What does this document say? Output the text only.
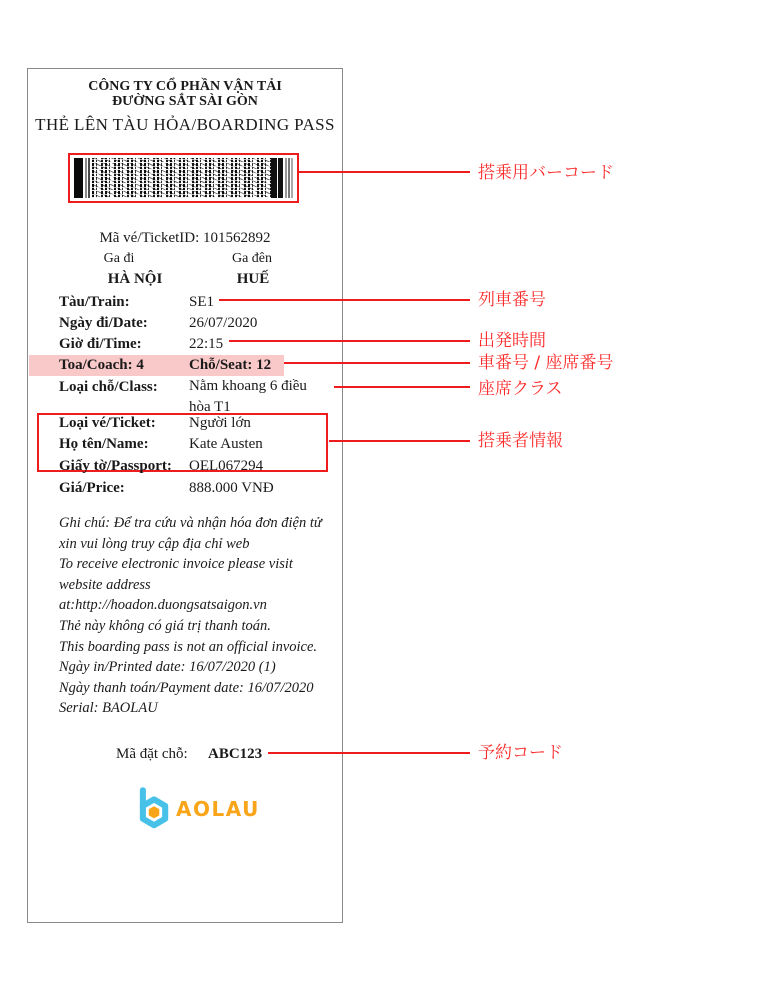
CÔNG TY CỔ PHẦN VẬN TẢI
ĐƯỜNG SẮT SÀI GÒN
THẺ LÊN TÀU HỎA/BOARDING PASS
Mã vé/TicketID: 101562892
Ga đi	Ga đên
HÀ NỘI	HUẾ
Tàu/Train:	SE1
Ngày đi/Date:	26/07/2020
Giờ đi/Time:	22:15
Toa/Coach: 4	Chỗ/Seat: 12
Loại chỗ/Class: Nằm khoang 6 điều hòa T1
Loại vé/Ticket: Người lớn
Họ tên/Name:	Kate Austen
Giấy tờ/Passport: OEL067294
Giá/Price:	888.000 VNĐ
Ghi chú: Để tra cứu và nhận hóa đơn điện tử
xin vui lòng truy cập địa chỉ web
To receive electronic invoice please visit
website address
at:http://hoadon.duongsatsaigon.vn
Thẻ này không có giá trị thanh toán.
This boarding pass is not an official invoice.
Ngày in/Printed date: 16/07/2020 (1)
Ngày thanh toán/Payment date: 16/07/2020
Serial: BAOLAU
Mã đặt chỗ: ABC123
AOLAU
搭乗用バーコード
列車番号
出発時間
車番号 / 座席番号
座席クラス
搭乗者情報
予約コード
